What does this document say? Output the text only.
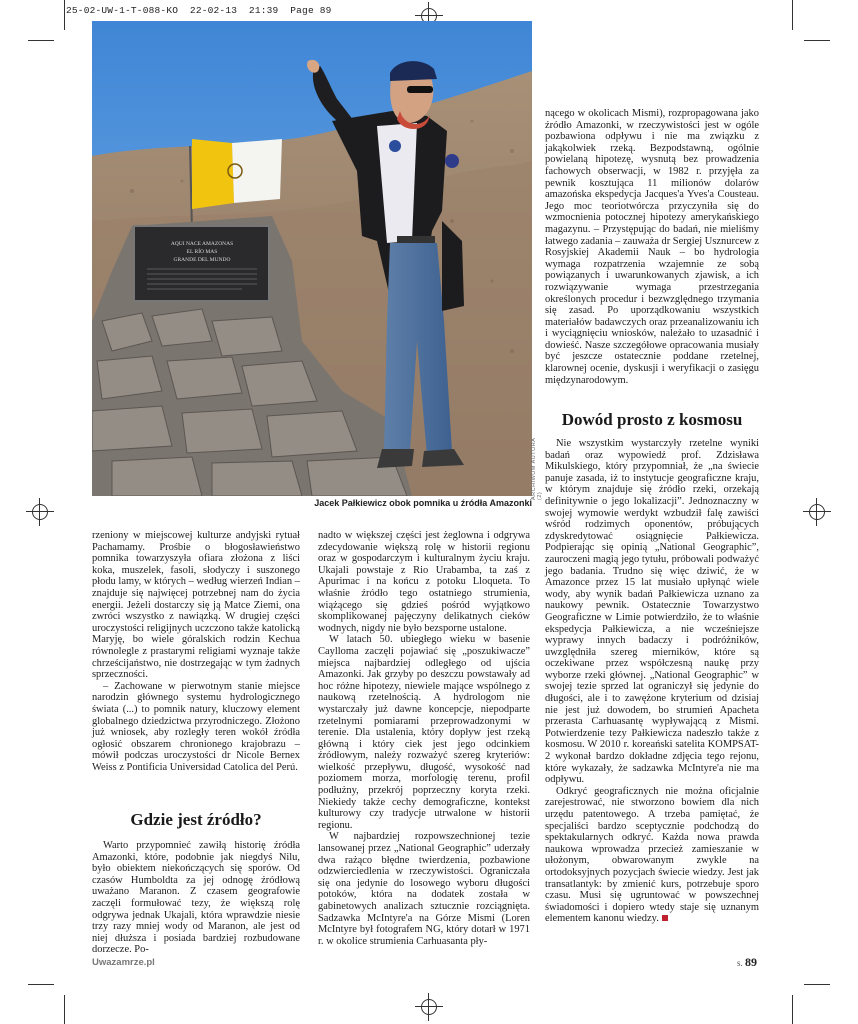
25-02-UW-1-T-088-KO  22-02-13  21:39  Page 89
AQUI NACE AMAZONAS
EL RÍO MAS
GRANDE DEL MUNDO
ARCHIWUM AUTORA (2)
Jacek Pałkiewicz obok pomnika u źródła Amazonki

rzeniony w miejscowej kulturze andyjski rytuał Pachamamy. Prośbie o błogosławieństwo pomnika towarzyszyła ofiara złożona z liści koka, muszelek, fasoli, słodyczy i suszonego płodu lamy, w których – według wierzeń Indian – znajduje się najwięcej potrzebnej nam do życia energii. Jeżeli dostarczy się ją Matce Ziemi, ona zwróci wszystko z nawiązką. W drugiej części uroczystości religijnych uczczono także katolicką Maryję, bo wiele góralskich rodzin Kechua równolegle z prastarymi religiami wyznaje także chrześcijaństwo, nie dostrzegając w tym żadnych sprzeczności.

– Zachowane w pierwotnym stanie miejsce narodzin głównego systemu hydrologicznego świata (...) to pomnik natury, kluczowy element globalnego dziedzictwa przyrodniczego. Złożono już wniosek, aby rozległy teren wokół źródła ogłosić obszarem chronionego krajobrazu – mówił podczas uroczystości dr Nicole Bernex Weiss z Pontificia Universidad Catolica del Perú.

Gdzie jest źródło?

Warto przypomnieć zawiłą historię źródła Amazonki, które, podobnie jak niegdyś Nilu, było obiektem niekończących się sporów. Od czasów Humboldta za jej odnogę źródłową uważano Maranon. Z czasem geografowie zaczęli formułować tezy, że większą rolę odgrywa jednak Ukajali, która wprawdzie niesie trzy razy mniej wody od Maranon, ale jest od niej dłuższa i posiada bardziej rozbudowane dorzecze. Po-

nadto w większej części jest żeglowna i odgrywa zdecydowanie większą rolę w historii regionu oraz w gospodarczym i kulturalnym życiu kraju. Ukajali powstaje z Rio Urabamba, ta zaś z Apurimac i na końcu z potoku Lloqueta. To właśnie źródło tego ostatniego strumienia, wiążącego się gdzieś pośród wyjątkowo skomplikowanej pajęczyny delikatnych cieków wodnych, nigdy nie było bezsporne ustalone.

W latach 50. ubiegłego wieku w basenie Caylloma zaczęli pojawiać się „poszukiwacze” miejsca najbardziej odległego od ujścia Amazonki. Jak grzyby po deszczu powstawały ad hoc różne hipotezy, niewiele mające wspólnego z naukową rzetelnością. A hydrologom nie wystarczały już dawne koncepcje, niepodparte rzetelnymi pomiarami przeprowadzonymi w terenie. Dla ustalenia, który dopływ jest rzeką główną i który ciek jest jego odcinkiem źródłowym, należy rozważyć szereg kryteriów: wielkość przepływu, długość, wysokość nad poziomem morza, morfologię terenu, profil podłużny, przekrój poprzeczny koryta rzeki. Niekiedy także cechy demograficzne, kontekst kulturowy czy tradycje utrwalone w historii regionu.

W najbardziej rozpowszechnionej tezie lansowanej przez „National Geographic” uderzały dwa rażąco błędne twierdzenia, pozbawione odzwierciedlenia w rzeczywistości. Ograniczała się ona jedynie do losowego wyboru długości potoków, która na dodatek została w gabinetowych analizach sztucznie rozciągnięta. Sadzawka McIntyre'a na Górze Mismi (Loren McIntyre był fotografem NG, który dotarł w 1971 r. w okolice strumienia Carhuasanta pły-

nącego w okolicach Mismi), rozpropagowana jako źródło Amazonki, w rzeczywistości jest w ogóle pozbawiona odpływu i nie ma związku z jakąkolwiek rzeką. Bezpodstawną, ogólnie powielaną hipotezę, wysnutą bez prowadzenia fachowych obserwacji, w 1982 r. przyjęła za pewnik kosztująca 11 milionów dolarów amazońska ekspedycja Jacques'a Yves'a Cousteau. Jego moc teoriotwórcza przyczyniła się do wzmocnienia potocznej hipotezy amerykańskiego magazynu. – Przystępując do badań, nie mieliśmy łatwego zadania – zauważa dr Sergiej Usznurcew z Rosyjskiej Akademii Nauk – bo hydrologia wymaga rozpatrzenia wzajemnie ze sobą powiązanych i uwarunkowanych zjawisk, a ich rozwiązywanie wymaga przestrzegania określonych procedur i bezwzględnego trzymania się zasad. Po uporządkowaniu wszystkich materiałów badawczych oraz przeanalizowaniu ich i wyciągnięciu wniosków, należało to uzasadnić i dowieść. Nasze szczegółowe opracowania musiały być jeszcze ostatecznie poddane rzetelnej, klarownej ocenie, dyskusji i weryfikacji o zasięgu międzynarodowym.

Dowód prosto z kosmosu

Nie wszystkim wystarczyły rzetelne wyniki badań oraz wypowiedź prof. Zdzisława Mikulskiego, który przypomniał, że „na świecie panuje zasada, iż to instytucje geograficzne kraju, w którym znajduje się źródło rzeki, orzekają definitywnie o jego lokalizacji”. Jednoznaczny w swojej wymowie werdykt wzbudził falę zawiści wśród rodzimych oponentów, próbujących zdyskredytować osiągnięcie Pałkiewicza. Podpierając się opinią „National Geographic”, zauroczeni magią jego tytułu, próbowali podważyć jego badania. Trudno się więc dziwić, że w Amazonce przez 15 lat musiało upłynąć wiele wody, aby wynik badań Pałkiewicza uznano za naukowy pewnik. Ostatecznie Towarzystwo Geograficzne w Limie potwierdziło, że to właśnie ekspedycja Pałkiewicza, a nie wcześniejsze wyprawy innych badaczy i podróżników, uwzględniła szereg mierników, które są oczekiwane przez współczesną naukę przy wyborze rzeki głównej. „National Geographic” w swojej tezie sprzed lat ograniczył się jedynie do długości, ale i to zawężone kryterium od dzisiaj nie jest już dowodem, bo strumień Apacheta przerasta Carhuasantę wypływającą z Mismi. Potwierdzenie tezy Pałkiewicza nadeszło także z kosmosu. W 2010 r. koreański satelita KOMPSAT-2 wykonał bardzo dokładne zdjęcia tego rejonu, które wykazały, że sadzawka McIntyre'a nie ma odpływu.

Odkryć geograficznych nie można oficjalnie zarejestrować, nie stworzono bowiem dla nich urzędu patentowego. A trzeba pamiętać, że specjaliści bardzo sceptycznie podchodzą do spektakularnych odkryć. Każda nowa prawda naukowa wprowadza przecież zamieszanie w ułożonym, obwarowanym zwykle na ortodoksyjnych pozycjach świecie wiedzy. Jest jak transatlantyk: by zmienić kurs, potrzebuje sporo czasu. Musi się ugruntować w powszechnej świadomości i dopiero wtedy staje się uznanym elementem kanonu wiedzy.

Uwazamrze.pl	s. 89
